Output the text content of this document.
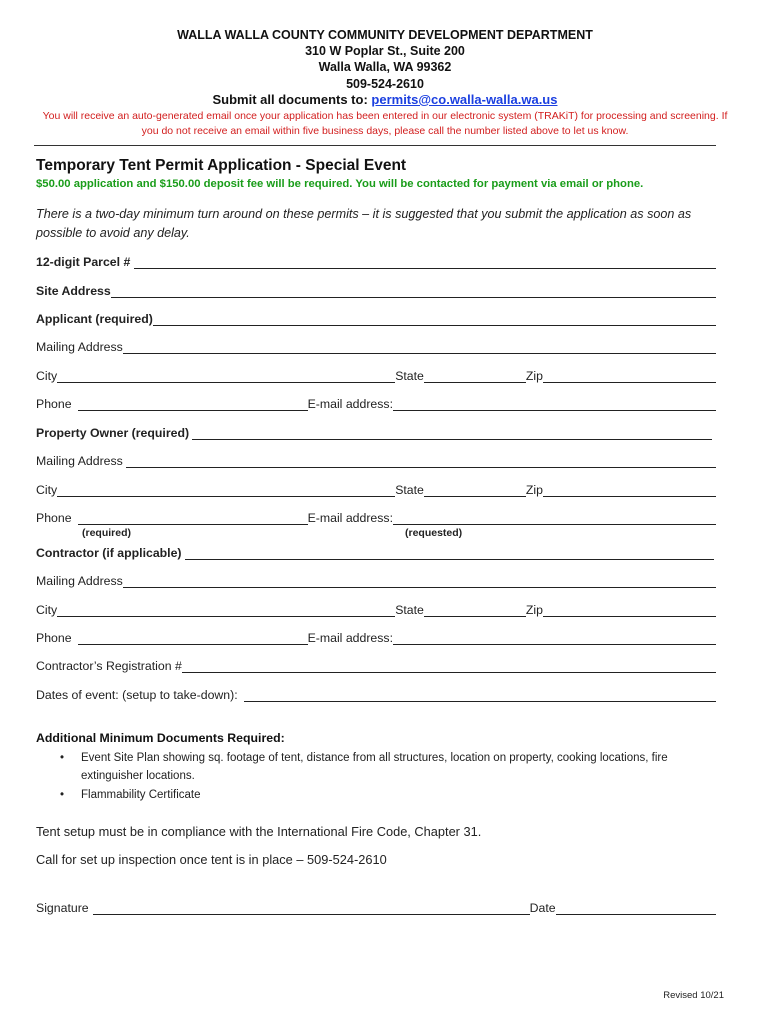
WALLA WALLA COUNTY COMMUNITY DEVELOPMENT DEPARTMENT
310 W Poplar St., Suite 200
Walla Walla, WA 99362
509-524-2610
Submit all documents to: permits@co.walla-walla.wa.us
You will receive an auto-generated email once your application has been entered in our electronic system (TRAKiT) for processing and screening. If you do not receive an email within five business days, please call the number listed above to let us know.
Temporary Tent Permit Application - Special Event
$50.00 application and $150.00 deposit fee will be required. You will be contacted for payment via email or phone.
There is a two-day minimum turn around on these permits – it is suggested that you submit the application as soon as possible to avoid any delay.
12-digit Parcel #
Site Address
Applicant (required)
Mailing Address
City	State	Zip
Phone	E-mail address:
Property Owner (required)
Mailing Address
City	State	Zip
Phone	E-mail address:
(required)	(requested)
Contractor (if applicable)
Mailing Address
City	State	Zip
Phone	E-mail address:
Contractor’s Registration #
Dates of event: (setup to take-down):
Additional Minimum Documents Required:
• Event Site Plan showing sq. footage of tent, distance from all structures, location on property, cooking locations, fire extinguisher locations.
• Flammability Certificate
Tent setup must be in compliance with the International Fire Code, Chapter 31.
Call for set up inspection once tent is in place – 509-524-2610
Signature	Date
Revised 10/21
